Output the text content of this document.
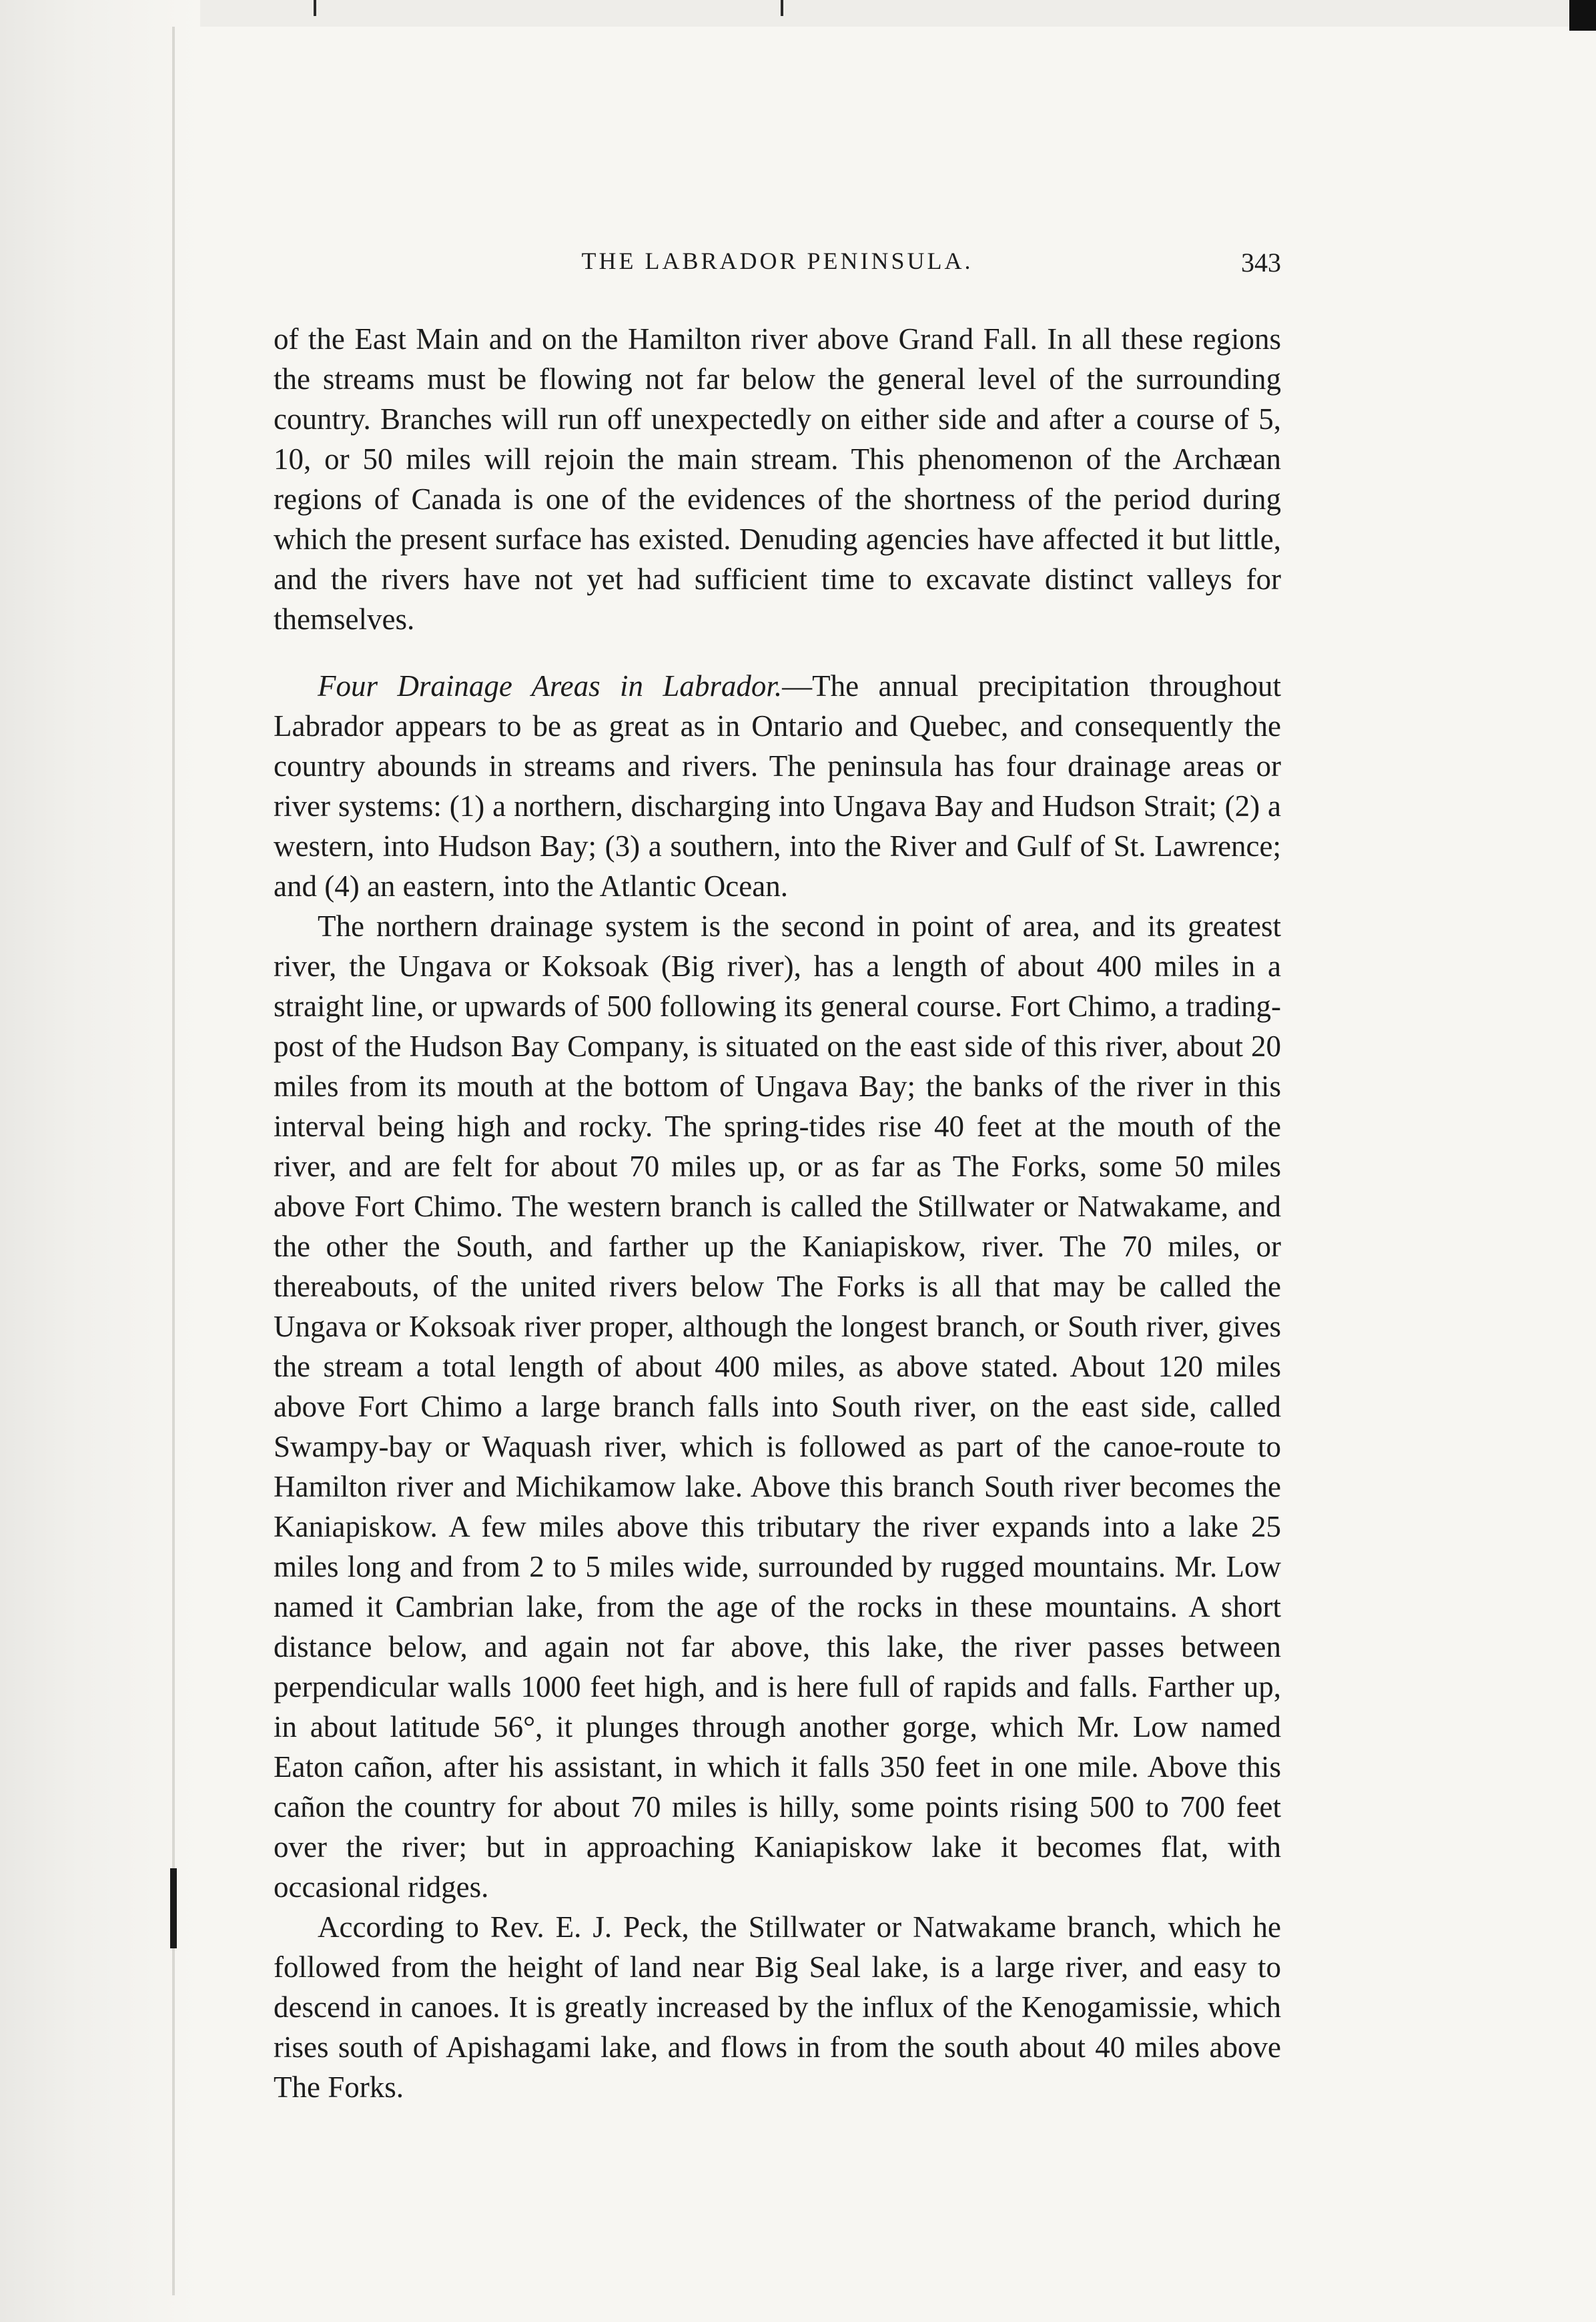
THE LABRADOR PENINSULA.	343

of the East Main and on the Hamilton river above Grand Fall. In all these regions the streams must be flowing not far below the general level of the surrounding country. Branches will run off unexpectedly on either side and after a course of 5, 10, or 50 miles will rejoin the main stream. This phenomenon of the Archæan regions of Canada is one of the evidences of the shortness of the period during which the present surface has existed. Denuding agencies have affected it but little, and the rivers have not yet had sufficient time to excavate distinct valleys for themselves.

Four Drainage Areas in Labrador.—The annual precipitation throughout Labrador appears to be as great as in Ontario and Quebec, and consequently the country abounds in streams and rivers. The peninsula has four drainage areas or river systems: (1) a northern, discharging into Ungava Bay and Hudson Strait; (2) a western, into Hudson Bay; (3) a southern, into the River and Gulf of St. Lawrence; and (4) an eastern, into the Atlantic Ocean.

The northern drainage system is the second in point of area, and its greatest river, the Ungava or Koksoak (Big river), has a length of about 400 miles in a straight line, or upwards of 500 following its general course. Fort Chimo, a trading-post of the Hudson Bay Company, is situated on the east side of this river, about 20 miles from its mouth at the bottom of Ungava Bay; the banks of the river in this interval being high and rocky. The spring-tides rise 40 feet at the mouth of the river, and are felt for about 70 miles up, or as far as The Forks, some 50 miles above Fort Chimo. The western branch is called the Stillwater or Natwakame, and the other the South, and farther up the Kaniapiskow, river. The 70 miles, or thereabouts, of the united rivers below The Forks is all that may be called the Ungava or Koksoak river proper, although the longest branch, or South river, gives the stream a total length of about 400 miles, as above stated. About 120 miles above Fort Chimo a large branch falls into South river, on the east side, called Swampy-bay or Waquash river, which is followed as part of the canoe-route to Hamilton river and Michikamow lake. Above this branch South river becomes the Kaniapiskow. A few miles above this tributary the river expands into a lake 25 miles long and from 2 to 5 miles wide, surrounded by rugged mountains. Mr. Low named it Cambrian lake, from the age of the rocks in these mountains. A short distance below, and again not far above, this lake, the river passes between perpendicular walls 1000 feet high, and is here full of rapids and falls. Farther up, in about latitude 56°, it plunges through another gorge, which Mr. Low named Eaton cañon, after his assistant, in which it falls 350 feet in one mile. Above this cañon the country for about 70 miles is hilly, some points rising 500 to 700 feet over the river; but in approaching Kaniapiskow lake it becomes flat, with occasional ridges.

According to Rev. E. J. Peck, the Stillwater or Natwakame branch, which he followed from the height of land near Big Seal lake, is a large river, and easy to descend in canoes. It is greatly increased by the influx of the Kenogamissie, which rises south of Apishagami lake, and flows in from the south about 40 miles above The Forks.
